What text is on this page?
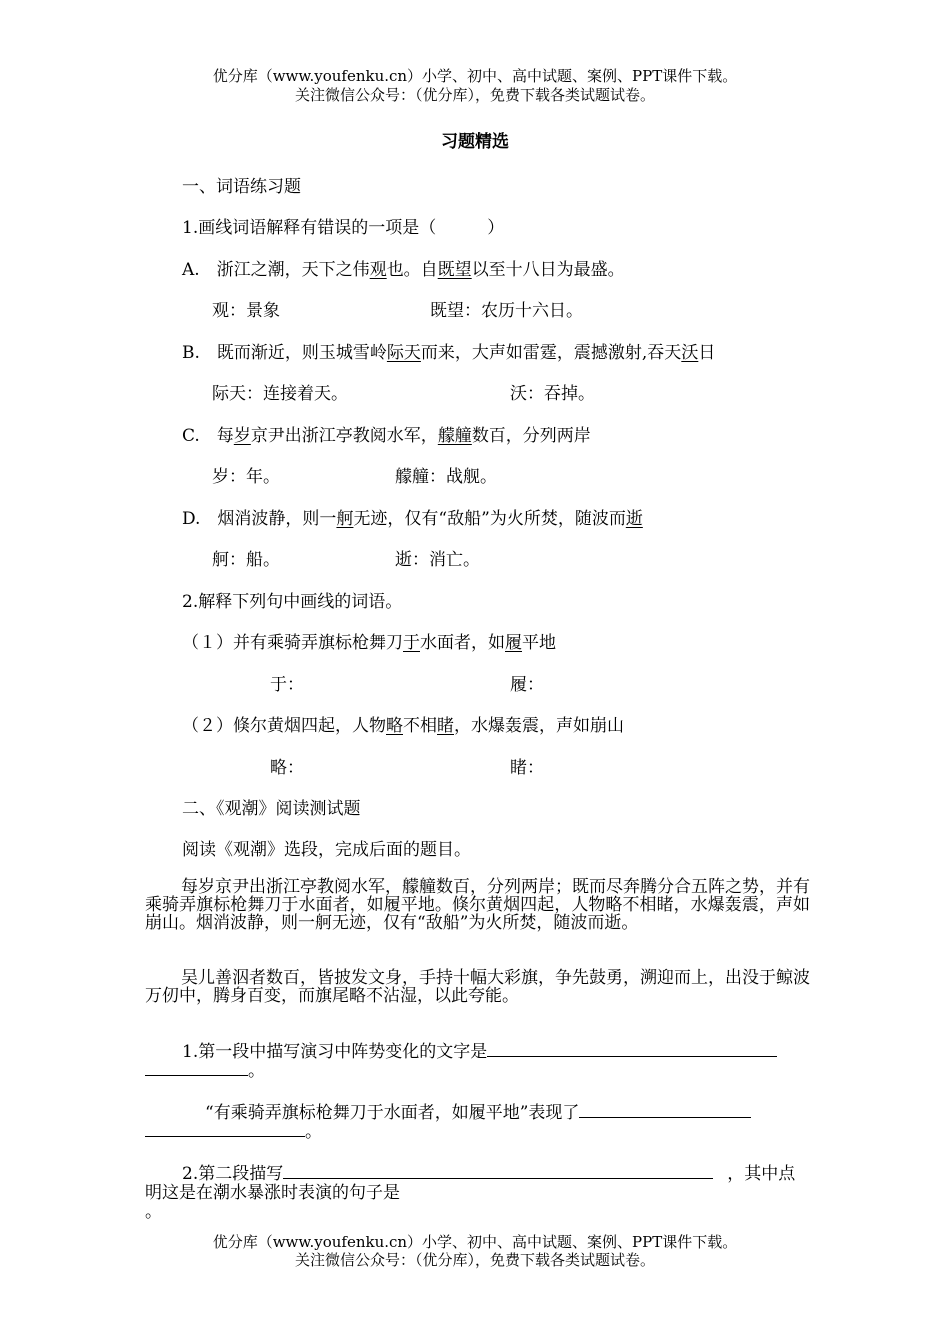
优分库（www.youfenku.cn）小学、初中、高中试题、案例、PPT课件下载。
关注微信公众号：（优分库），免费下载各类试题试卷。
习题精选
一、词语练习题
1.画线词语解释有错误的一项是（　　　）
A.　浙江之潮，天下之伟观也。自既望以至十八日为最盛。
观：景象	既望：农历十六日。
B.　既而渐近，则玉城雪岭际天而来，大声如雷霆，震撼激射,吞天沃日
际天：连接着天。	沃：吞掉。
C.　每岁京尹出浙江亭教阅水军，艨艟数百，分列两岸
岁：年。	艨艟：战舰。
D.　烟消波静，则一舸无迹，仅有“敌船”为火所焚，随波而逝
舸：船。	逝：消亡。
2.解释下列句中画线的词语。
（１）并有乘骑弄旗标枪舞刀于水面者，如履平地
于：	履：
（２）倏尔黄烟四起，人物略不相睹，水爆轰震，声如崩山
略：	睹：
二、《观潮》阅读测试题
阅读《观潮》选段，完成后面的题目。
每岁京尹出浙江亭教阅水军，艨艟数百，分列两岸；既而尽奔腾分合五阵之势，并有乘骑弄旗标枪舞刀于水面者，如履平地。倏尔黄烟四起，人物略不相睹，水爆轰震，声如崩山。烟消波静，则一舸无迹，仅有“敌船”为火所焚，随波而逝。
吴儿善泅者数百，皆披发文身，手持十幅大彩旗，争先鼓勇，溯迎而上，出没于鲸波万仞中，腾身百变，而旗尾略不沾湿，以此夸能。
1.第一段中描写演习中阵势变化的文字是
。
“有乘骑弄旗标枪舞刀于水面者，如履平地”表现了
。
2.第二段描写	，其中点
明这是在潮水暴涨时表演的句子是
。
优分库（www.youfenku.cn）小学、初中、高中试题、案例、PPT课件下载。
关注微信公众号：（优分库），免费下载各类试题试卷。
